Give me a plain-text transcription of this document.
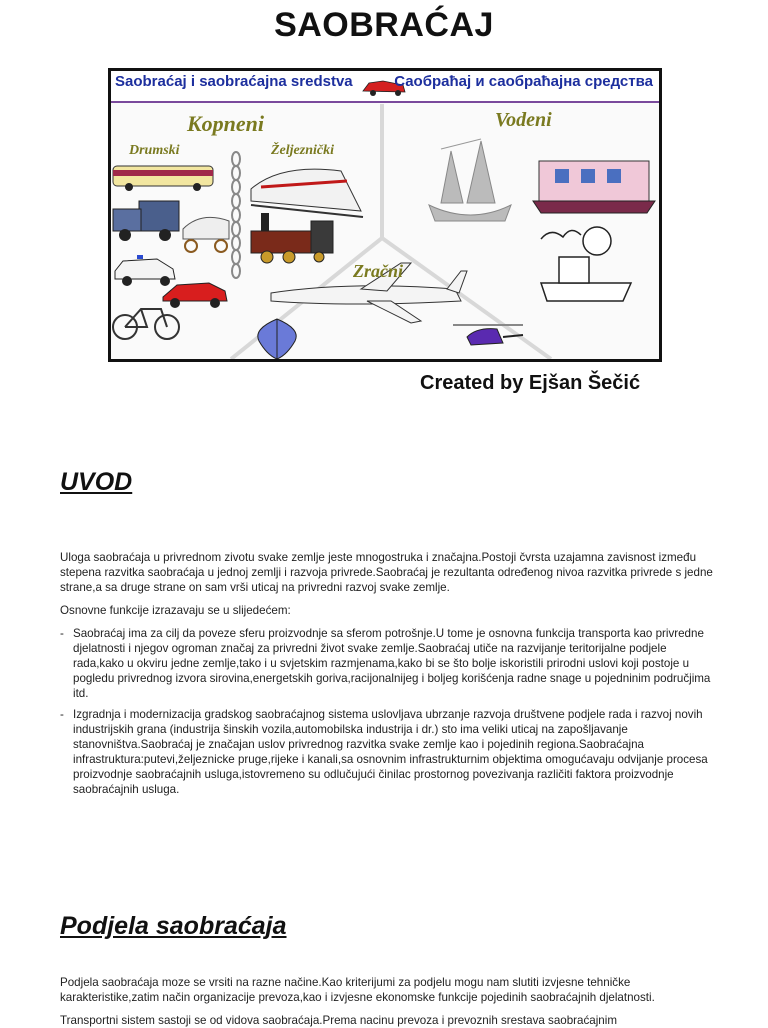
SAOBRAĆAJ
Saobraćaj i saobraćajna sredstva	Саобраћај и саобраћајна средства
Kopneni
Drumski	Željeznički
Vodeni
Zračni
Created by Ejšan Šečić
UVOD
Uloga saobraćaja u privrednom zivotu svake zemlje jeste mnogostruka i značajna.Postoji čvrsta uzajamna zavisnost između stepena razvitka saobraćaja u jednoj zemlji i razvoja privrede.Saobraćaj je rezultanta određenog nivoa razvitka privrede s jedne strane,a sa druge strane on sam vrši uticaj na privredni razvoj svake zemlje.
Osnovne funkcije izrazavaju se u slijedećem:
- Saobraćaj ima za cilj da poveze sferu proizvodnje sa sferom potrošnje.U tome je osnovna funkcija transporta kao privredne djelatnosti i njegov ogroman značaj za privredni život svake zemlje.Saobraćaj utiče na razvijanje teritorijalne podjele rada,kako u okviru jedne zemlje,tako i u svjetskim razmjenama,kako bi se što bolje iskoristili prirodni uslovi koji postoje u pogledu privrednog izvora sirovina,energetskih goriva,racijonalnijeg i boljeg korišćenja radne snage u pojedninim područjima itd.
- Izgradnja i modernizacija gradskog saobraćajnog sistema uslovljava ubrzanje razvoja društvene podjele rada i razvoj novih industrijskih grana (industrija šinskih vozila,automobilska industrija i dr.) sto ima veliki uticaj na zapošljavanje stanovništva.Saobraćaj je značajan uslov privrednog razvitka svake zemlje kao i pojedinih regiona.Saobraćajna infrastruktura:putevi,željeznicke pruge,rijeke i kanali,sa osnovnim infrastrukturnim objektima omogućavaju odvijanje procesa proizvodnje saobraćajnih usluga,istovremeno su odlučujući činilac prostornog povezivanja različiti faktora proizvodnje saobraćajnih usluga.
Podjela saobraćaja
Podjela saobraćaja moze se vrsiti na razne načine.Kao kriterijumi za podjelu mogu nam slutiti izvjesne tehničke karakteristike,zatim način organizacije prevoza,kao i izvjesne ekonomske funkcije pojedinih saobraćajnih djelatnosti.
Transportni sistem sastoji se od vidova saobraćaja.Prema nacinu prevoza i prevoznih srestava saobraćajnim
